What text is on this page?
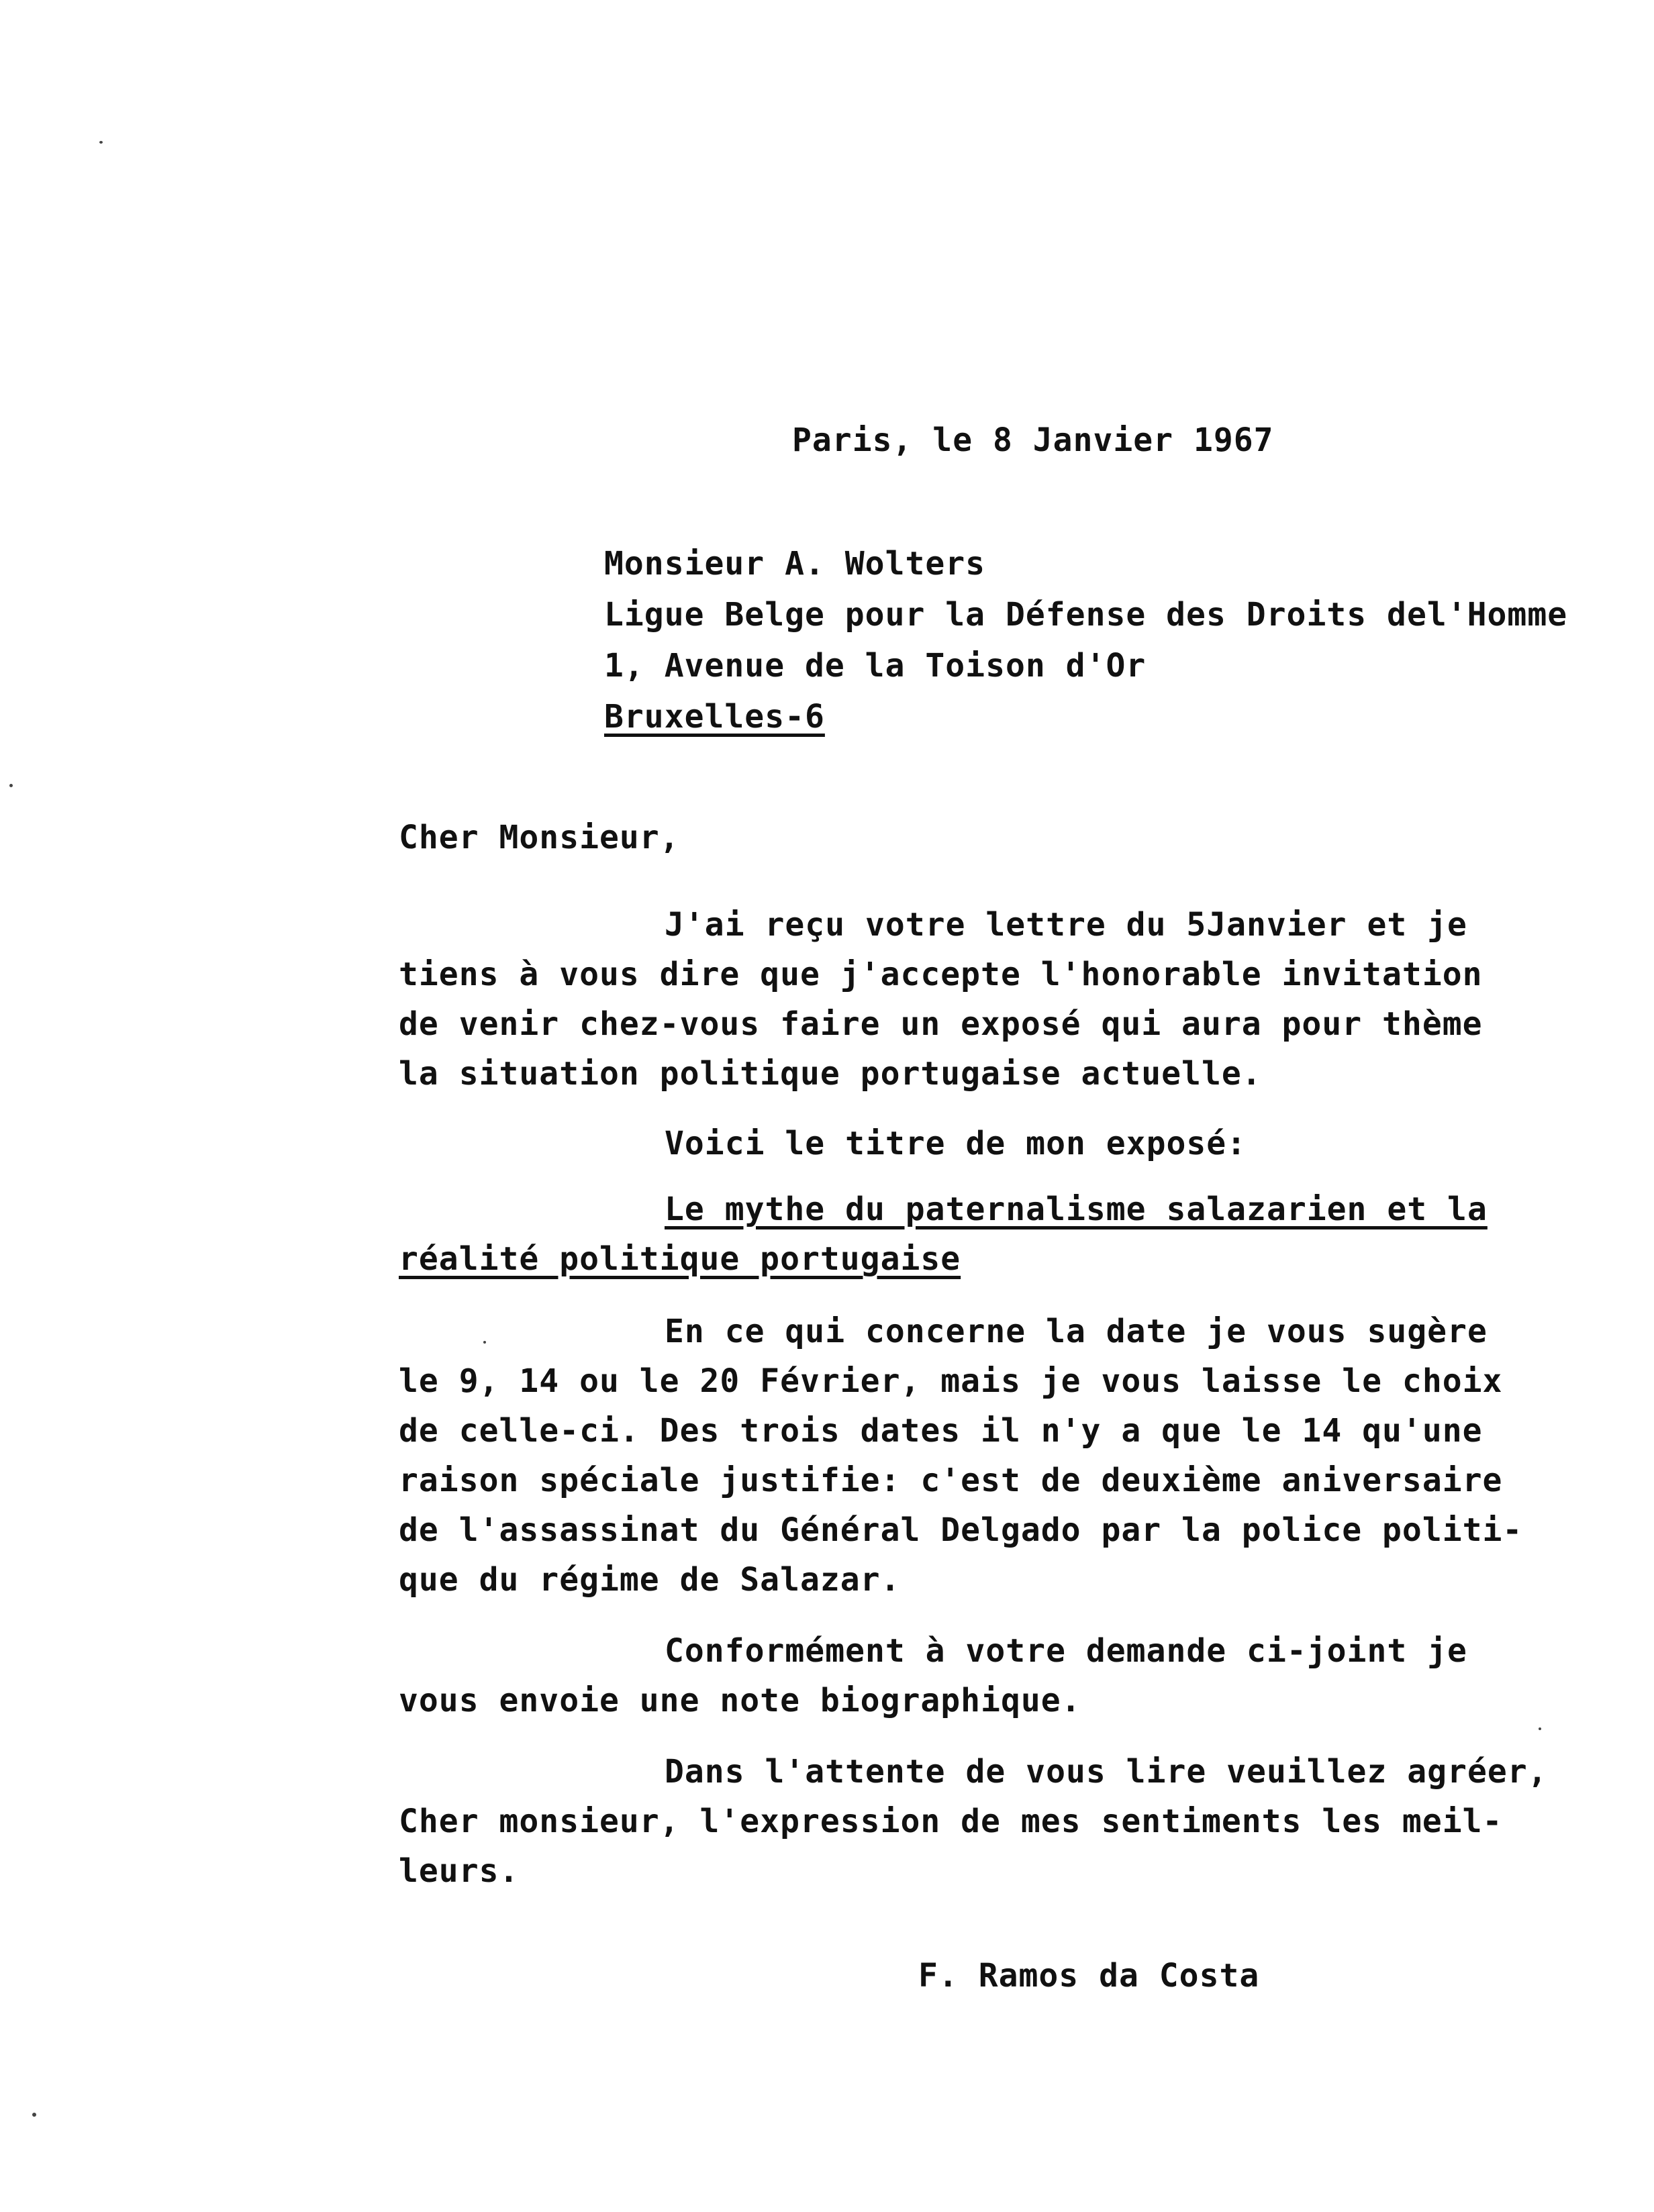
Paris, le 8 Janvier 1967
Monsieur A. Wolters
Ligue Belge pour la Défense des Droits del'Homme
1, Avenue de la Toison d'Or
Bruxelles-6
Cher Monsieur,
J'ai reçu votre lettre du 5Janvier et je
tiens à vous dire que j'accepte l'honorable invitation
de venir chez-vous faire un exposé qui aura pour thème
la situation politique portugaise actuelle.
Voici le titre de mon exposé:
Le mythe du paternalisme salazarien et la
réalité politique portugaise
En ce qui concerne la date je vous sugère
le 9, 14 ou le 20 Février, mais je vous laisse le choix
de celle-ci. Des trois dates il n'y a que le 14 qu'une
raison spéciale justifie: c'est de deuxième aniversaire
de l'assassinat du Général Delgado par la police politi-
que du régime de Salazar.
Conformément à votre demande ci-joint je
vous envoie une note biographique.
Dans l'attente de vous lire veuillez agréer,
Cher monsieur, l'expression de mes sentiments les meil-
leurs.
F. Ramos da Costa
